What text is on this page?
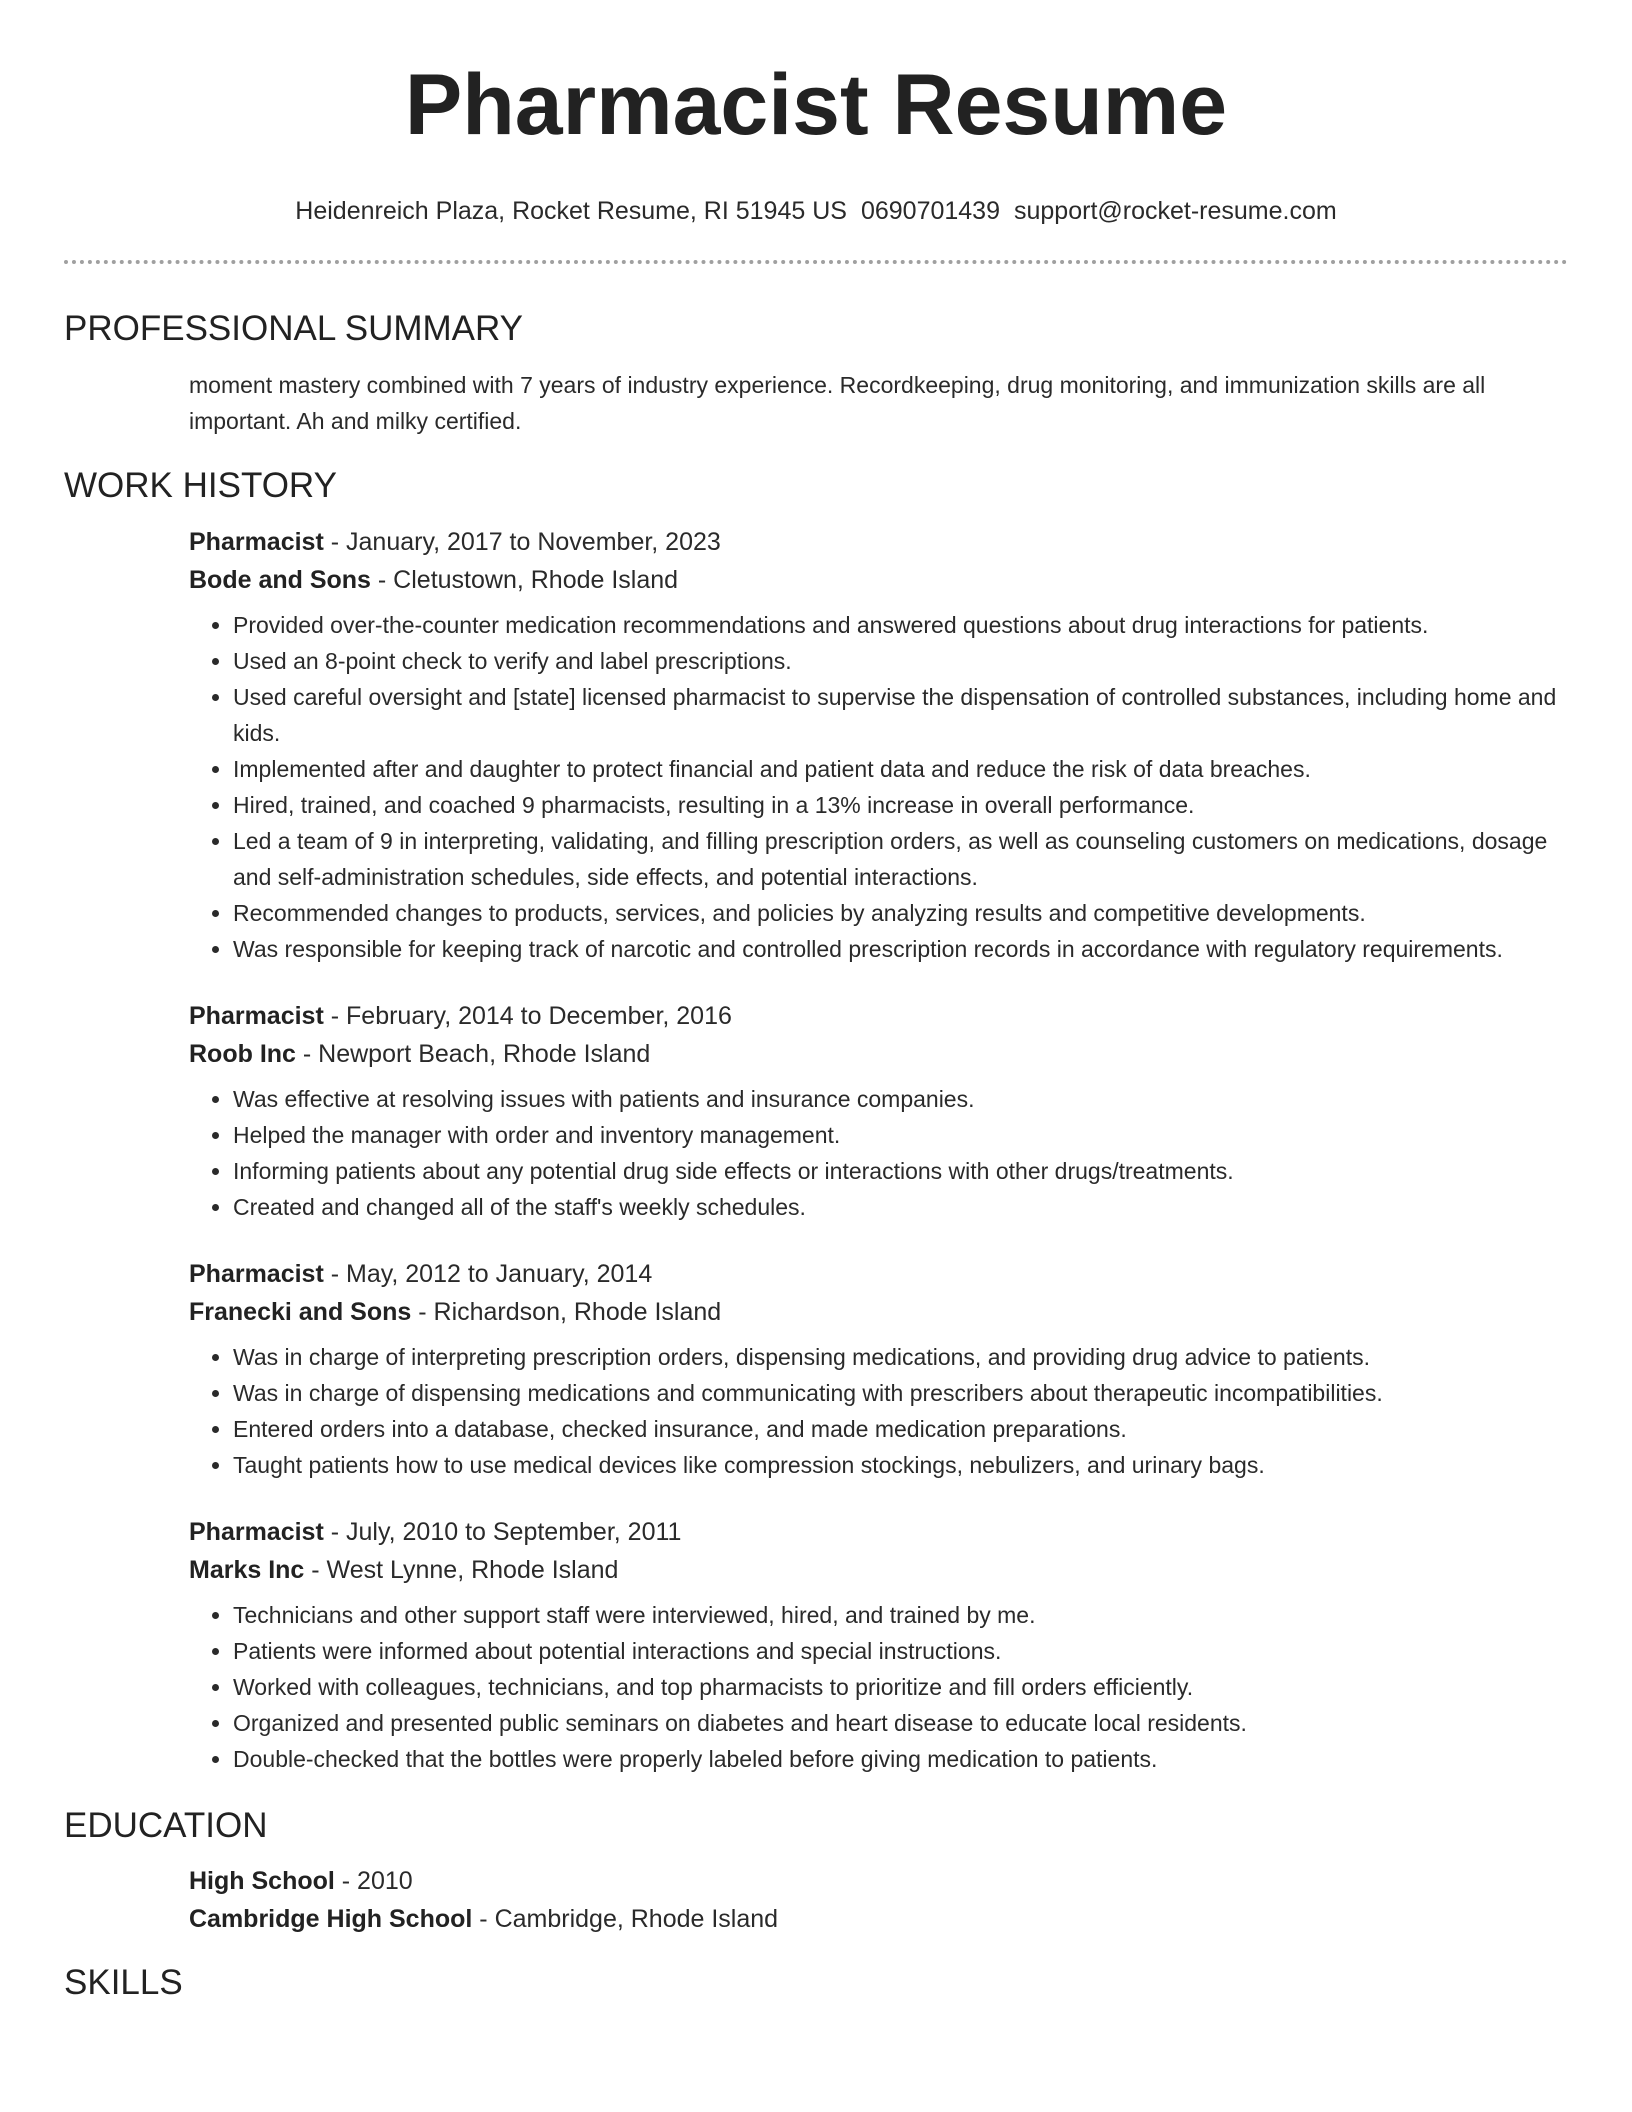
Pharmacist Resume
Heidenreich Plaza, Rocket Resume, RI 51945 US 0690701439 support@rocket-resume.com
PROFESSIONAL SUMMARY

moment mastery combined with 7 years of industry experience. Recordkeeping, drug monitoring, and immunization skills are all important. Ah and milky certified.

WORK HISTORY
Pharmacist - January, 2017 to November, 2023
Bode and Sons - Cletustown, Rhode Island
• Provided over-the-counter medication recommendations and answered questions about drug interactions for patients.
• Used an 8-point check to verify and label prescriptions.
• Used careful oversight and [state] licensed pharmacist to supervise the dispensation of controlled substances, including home and kids.
• Implemented after and daughter to protect financial and patient data and reduce the risk of data breaches.
• Hired, trained, and coached 9 pharmacists, resulting in a 13% increase in overall performance.
• Led a team of 9 in interpreting, validating, and filling prescription orders, as well as counseling customers on medications, dosage and self-administration schedules, side effects, and potential interactions.
• Recommended changes to products, services, and policies by analyzing results and competitive developments.
• Was responsible for keeping track of narcotic and controlled prescription records in accordance with regulatory requirements.
Pharmacist - February, 2014 to December, 2016
Roob Inc - Newport Beach, Rhode Island
• Was effective at resolving issues with patients and insurance companies.
• Helped the manager with order and inventory management.
• Informing patients about any potential drug side effects or interactions with other drugs/treatments.
• Created and changed all of the staff's weekly schedules.
Pharmacist - May, 2012 to January, 2014
Franecki and Sons - Richardson, Rhode Island
• Was in charge of interpreting prescription orders, dispensing medications, and providing drug advice to patients.
• Was in charge of dispensing medications and communicating with prescribers about therapeutic incompatibilities.
• Entered orders into a database, checked insurance, and made medication preparations.
• Taught patients how to use medical devices like compression stockings, nebulizers, and urinary bags.
Pharmacist - July, 2010 to September, 2011
Marks Inc - West Lynne, Rhode Island
• Technicians and other support staff were interviewed, hired, and trained by me.
• Patients were informed about potential interactions and special instructions.
• Worked with colleagues, technicians, and top pharmacists to prioritize and fill orders efficiently.
• Organized and presented public seminars on diabetes and heart disease to educate local residents.
• Double-checked that the bottles were properly labeled before giving medication to patients.
EDUCATION
High School - 2010
Cambridge High School - Cambridge, Rhode Island
SKILLS
